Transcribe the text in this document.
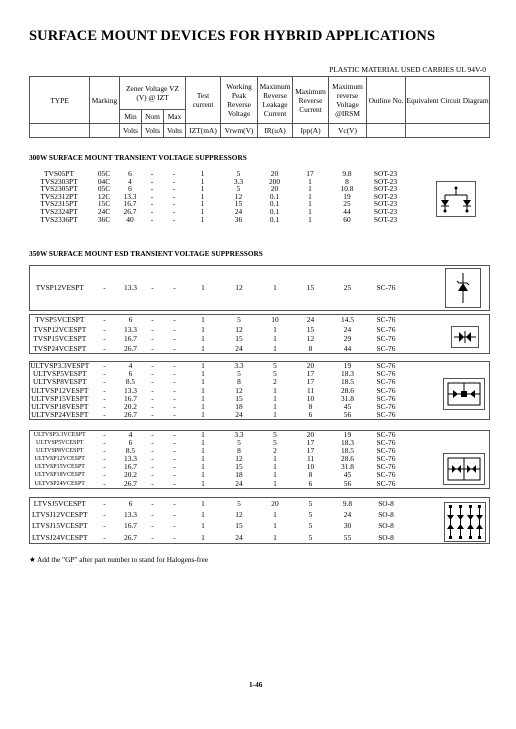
SURFACE MOUNT DEVICES FOR HYBRID APPLICATIONS
PLASTIC MATERIAL USED CARRIES UL 94V-0
TYPE	Marking	Zener Voltage VZ (V) @ IZT			Test current	Working Peak Reverse Voltage	Maximum Reverse Leakage Current	Maximum Reverse Current	Maximum reverse Voltage @IRSM	Outline No.	Equivalent Circuit Diagram
		Min	Nom	Max							
		Volts	Volts	Volts	IZT(mA)	Vrwm(V)	IR(uA)	Ipp(A)	Vc(V)		
300W SURFACE MOUNT TRANSIENT VOLTAGE SUPPRESSORS
350W SURFACE MOUNT ESD TRANSIENT VOLTAGE SUPPRESSORS
TVS05PT	05C	6	-	-	1	5	20	17	9.8	SOT-23	
TVS2303PT	04C	4	-	-	1	3.3	200	1	8	SOT-23	
TVS2305PT	05C	6	-	-	1	5	20	1	10.8	SOT-23	
TVS2312PT	12C	13.3	-	-	1	12	0.1	1	19	SOT-23	
TVS2315PT	15C	16.7	-	-	1	15	0.1	1	25	SOT-23	
TVS2324PT	24C	26.7	-	-	1	24	0.1	1	44	SOT-23	
TVS2336PT	36C	40	-	-	1	36	0.1	1	60	SOT-23	
TVSP12VESPT	-	13.3	-	-	1	12	1	15	25	SC-76	
TVSP5VCESPT	-	6	-	-	1	5	10	24	14.5	SC-76	
TVSP12VCESPT	-	13.3	-	-	1	12	1	15	24	SC-76	
TVSP15VCESPT	-	16.7	-	-	1	15	1	12	29	SC-76	
TVSP24VCESPT	-	26.7	-	-	1	24	1	8	44	SC-76	
ULTVSP3.3VESPT	-	4	-	-	1	3.3	5	20	19	SC-76	
ULTVSP5VESPT	-	6	-	-	1	5	5	17	18.3	SC-76	
ULTVSP8VESPT	-	8.5	-	-	1	8	2	17	18.5	SC-76	
ULTVSP12VESPT	-	13.3	-	-	1	12	1	11	28.6	SC-76	
ULTVSP15VESPT	-	16.7	-	-	1	15	1	10	31.8	SC-76	
ULTVSP18VESPT	-	20.2	-	-	1	18	1	8	45	SC-76	
ULTVSP24VESPT	-	26.7	-	-	1	24	1	6	56	SC-76	
ULTVSP3.3VCESPT	-	4	-	-	1	3.3	5	20	19	SC-76	
ULTVSP5VCESPT	-	6	-	-	1	5	5	17	18.3	SC-76	
ULTVSP8VCESPT	-	8.5	-	-	1	8	2	17	18.5	SC-76	
ULTVSP12VCESPT	-	13.3	-	-	1	12	1	11	28.6	SC-76	
ULTVSP15VCESPT	-	16.7	-	-	1	15	1	10	31.8	SC-76	
ULTVSP18VCESPT	-	20.2	-	-	1	18	1	8	45	SC-76	
ULTVSP24VCESPT	-	26.7	-	-	1	24	1	6	56	SC-76	
LTVSJ5VCESPT	-	6	-	-	1	5	20	5	9.8	SO-8	
LTVSJ12VCESPT	-	13.3	-	-	1	12	1	5	24	SO-8	
LTVSJ15VCESPT	-	16.7	-	-	1	15	1	5	30	SO-8	
LTVSJ24VCESPT	-	26.7	-	-	1	24	1	5	55	SO-8	
★ Add the "GP" after part number to stand for Halogens-free
1-46
